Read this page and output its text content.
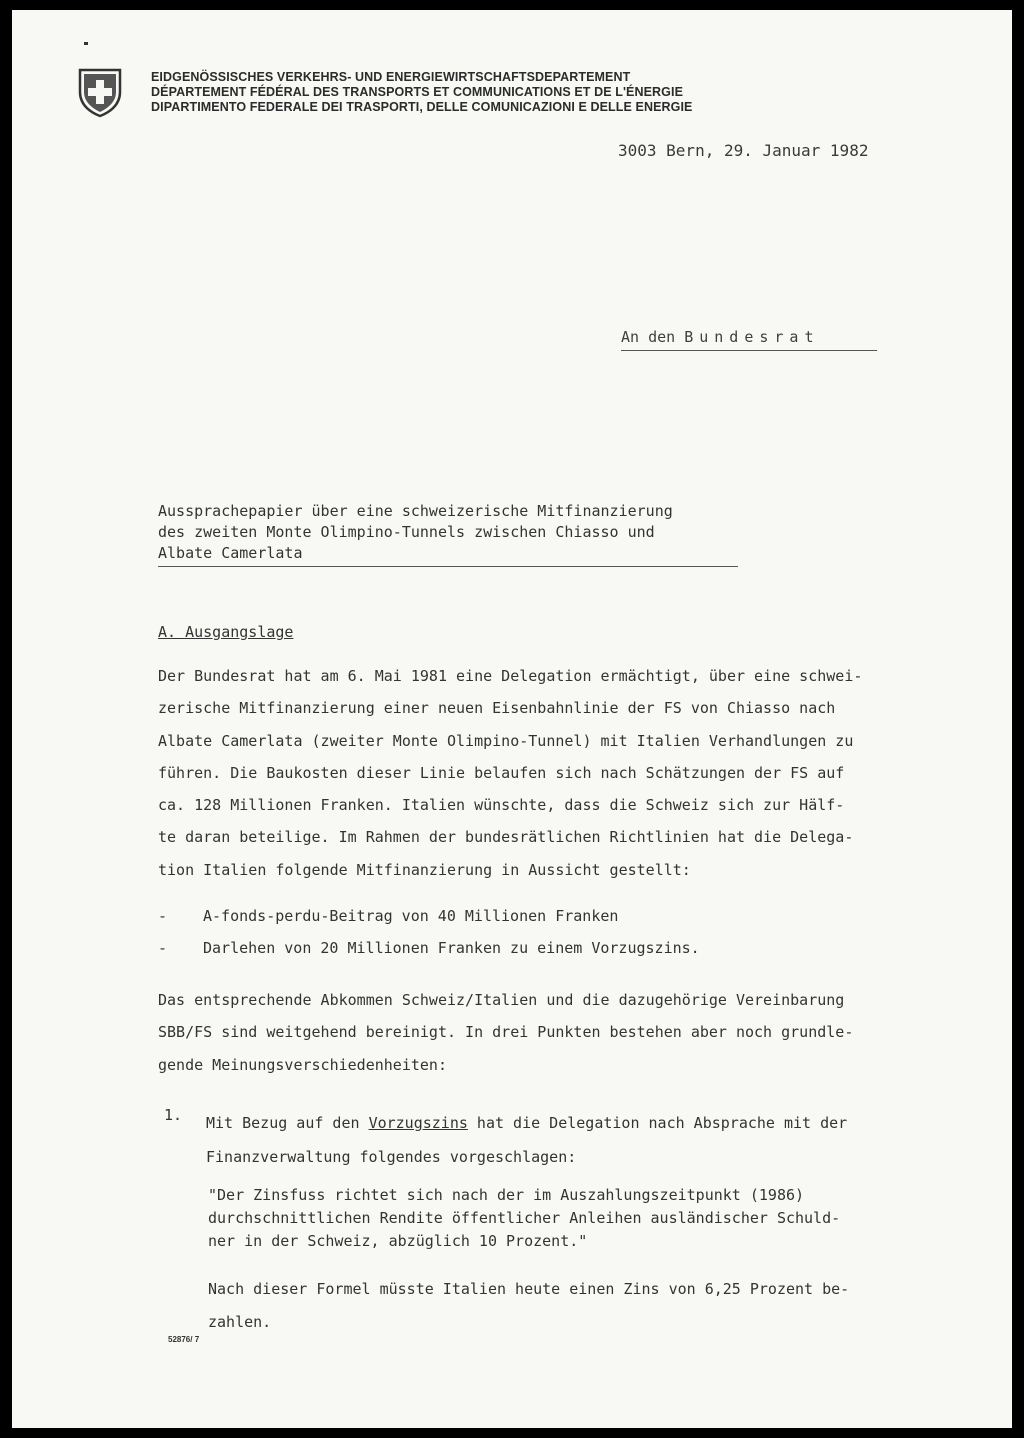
EIDGENÖSSISCHES VERKEHRS- UND ENERGIEWIRTSCHAFTSDEPARTEMENT
DÉPARTEMENT FÉDÉRAL DES TRANSPORTS ET COMMUNICATIONS ET DE L'ÉNERGIE
DIPARTIMENTO FEDERALE DEI TRASPORTI, DELLE COMUNICAZIONI E DELLE ENERGIE
3003 Bern, 29. Januar 1982
An den Bundesrat
Aussprachepapier über eine schweizerische Mitfinanzierung
des zweiten Monte Olimpino-Tunnels zwischen Chiasso und
Albate Camerlata
A. Ausgangslage
Der Bundesrat hat am 6. Mai 1981 eine Delegation ermächtigt, über eine schwei-
zerische Mitfinanzierung einer neuen Eisenbahnlinie der FS von Chiasso nach
Albate Camerlata (zweiter Monte Olimpino-Tunnel) mit Italien Verhandlungen zu
führen. Die Baukosten dieser Linie belaufen sich nach Schätzungen der FS auf
ca. 128 Millionen Franken. Italien wünschte, dass die Schweiz sich zur Hälf-
te daran beteilige. Im Rahmen der bundesrätlichen Richtlinien hat die Delega-
tion Italien folgende Mitfinanzierung in Aussicht gestellt:
-	A-fonds-perdu-Beitrag von 40 Millionen Franken
-	Darlehen von 20 Millionen Franken zu einem Vorzugszins.
Das entsprechende Abkommen Schweiz/Italien und die dazugehörige Vereinbarung
SBB/FS sind weitgehend bereinigt. In drei Punkten bestehen aber noch grundle-
gende Meinungsverschiedenheiten:
1. Mit Bezug auf den Vorzugszins hat die Delegation nach Absprache mit der
Finanzverwaltung folgendes vorgeschlagen:
"Der Zinsfuss richtet sich nach der im Auszahlungszeitpunkt (1986)
durchschnittlichen Rendite öffentlicher Anleihen ausländischer Schuld-
ner in der Schweiz, abzüglich 10 Prozent."
Nach dieser Formel müsste Italien heute einen Zins von 6,25 Prozent be-
zahlen.
52876/ 7
